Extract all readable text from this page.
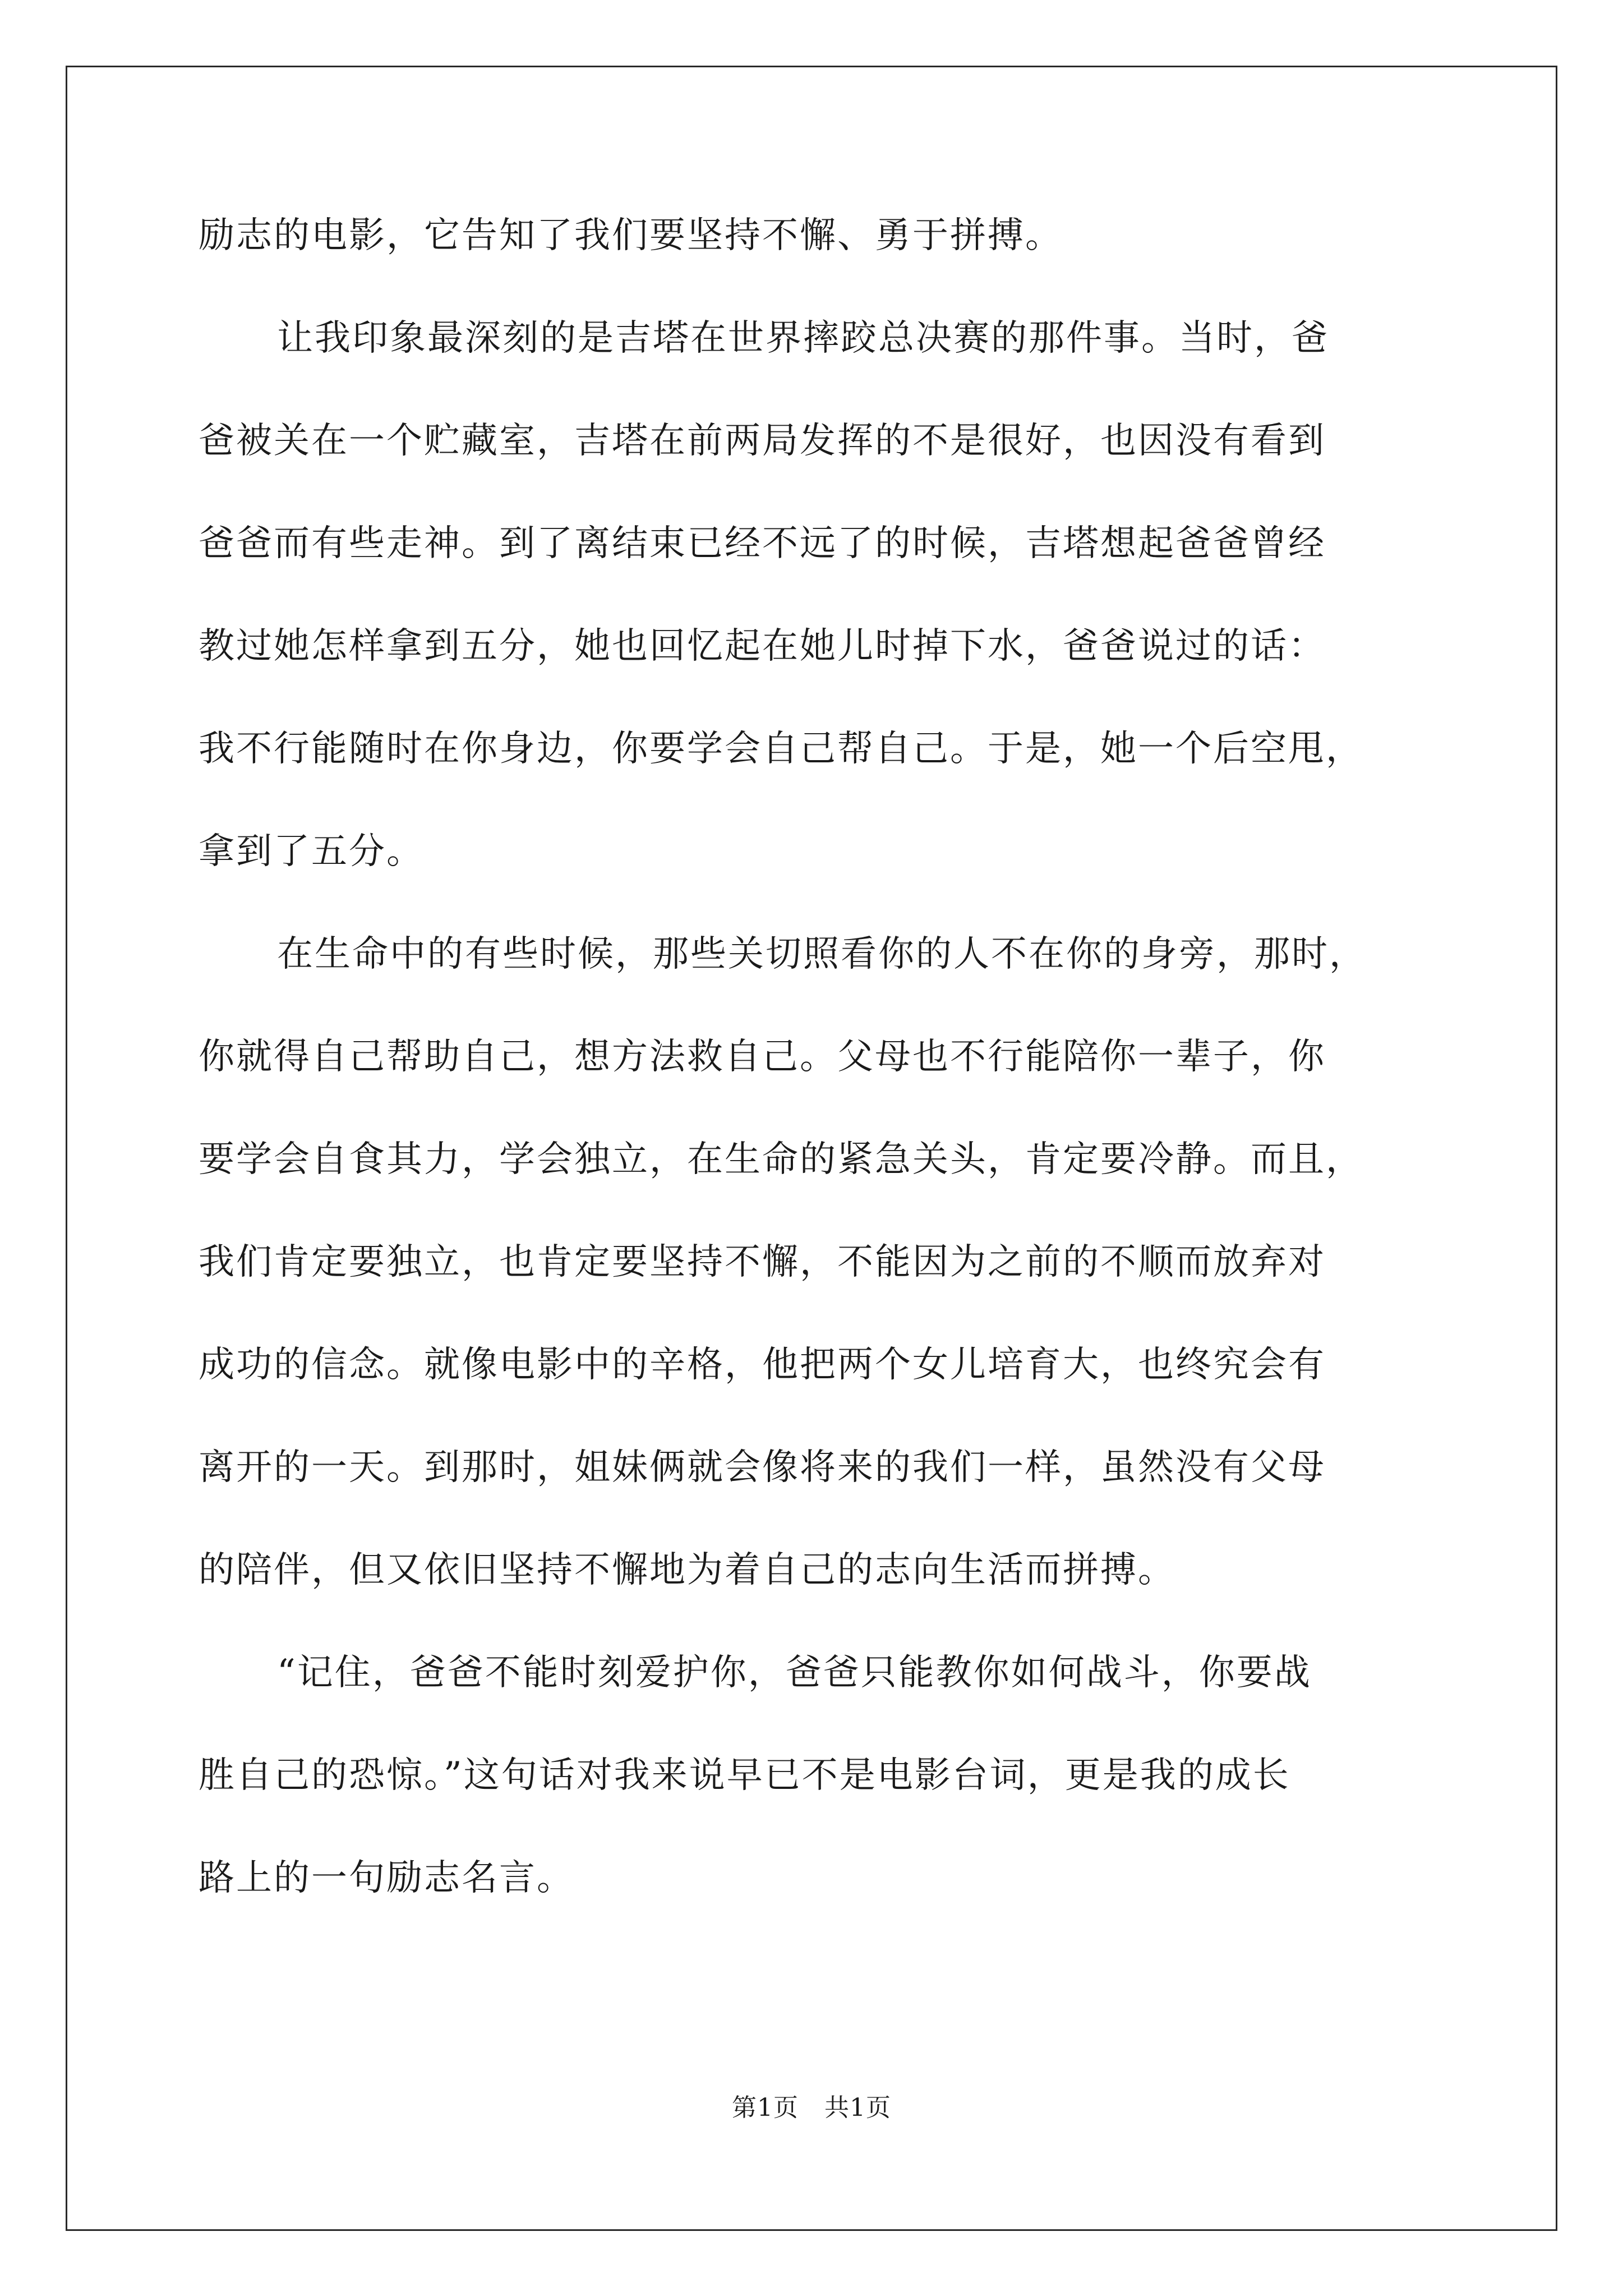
励志的电影，它告知了我们要坚持不懈、勇于拼搏。
让我印象最深刻的是吉塔在世界摔跤总决赛的那件事。当时，爸
爸被关在一个贮藏室，吉塔在前两局发挥的不是很好，也因没有看到
爸爸而有些走神。到了离结束已经不远了的时候，吉塔想起爸爸曾经
教过她怎样拿到五分，她也回忆起在她儿时掉下水，爸爸说过的话：
我不行能随时在你身边，你要学会自己帮自己。于是，她一个后空甩，
拿到了五分。
在生命中的有些时候，那些关切照看你的人不在你的身旁，那时，
你就得自己帮助自己，想方法救自己。父母也不行能陪你一辈子，你
要学会自食其力，学会独立，在生命的紧急关头，肯定要冷静。而且，
我们肯定要独立，也肯定要坚持不懈，不能因为之前的不顺而放弃对
成功的信念。就像电影中的辛格，他把两个女儿培育大，也终究会有
离开的一天。到那时，姐妹俩就会像将来的我们一样，虽然没有父母
的陪伴，但又依旧坚持不懈地为着自己的志向生活而拼搏。
“记住，爸爸不能时刻爱护你，爸爸只能教你如何战斗，你要战
胜自己的恐惊。”这句话对我来说早已不是电影台词，更是我的成长
路上的一句励志名言。
第1页 共1页
